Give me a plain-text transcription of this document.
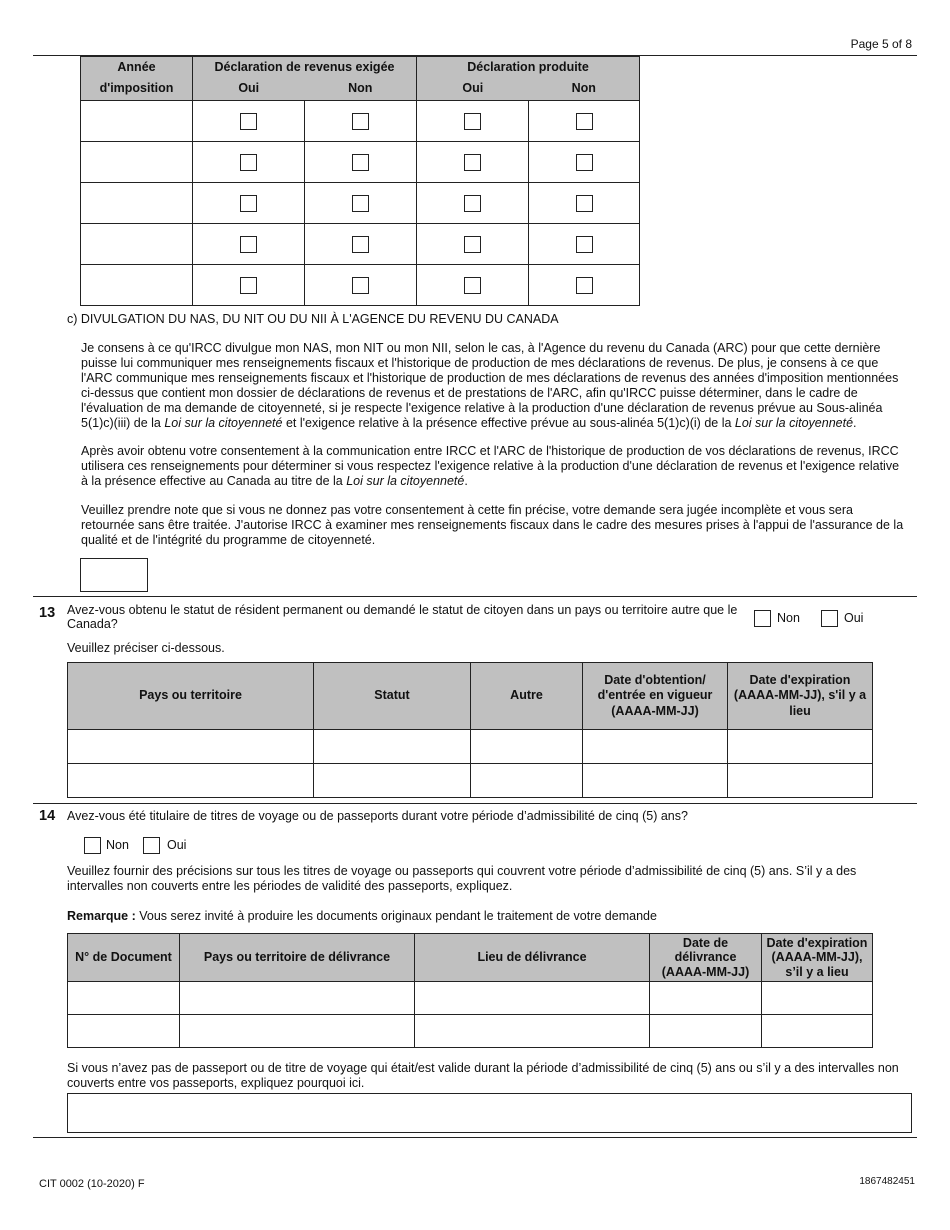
Page 5 of 8
Année	Déclaration de revenus exigée		Déclaration produite	
d'imposition	Oui	Non	Oui	Non

c) DIVULGATION DU NAS, DU NIT OU DU NII À L'AGENCE DU REVENU DU CANADA
Je consens à ce qu'IRCC divulgue mon NAS, mon NIT ou mon NII, selon le cas, à l'Agence du revenu du Canada (ARC) pour que cette dernière puisse lui communiquer mes renseignements fiscaux et l'historique de production de mes déclarations de revenus. De plus, je consens à ce que l'ARC communique mes renseignements fiscaux et l'historique de production de mes déclarations de revenus des années d'imposition mentionnées ci-dessus que contient mon dossier de déclarations de revenus et de prestations de l'ARC, afin qu'IRCC puisse déterminer, dans le cadre de l'évaluation de ma demande de citoyenneté, si je respecte l'exigence relative à la production d'une déclaration de revenus prévue au Sous-alinéa 5(1)c)(iii) de la Loi sur la citoyenneté et l'exigence relative à la présence effective prévue au sous-alinéa 5(1)c)(i) de la Loi sur la citoyenneté.
Après avoir obtenu votre consentement à la communication entre IRCC et l'ARC de l'historique de production de vos déclarations de revenus, IRCC utilisera ces renseignements pour déterminer si vous respectez l'exigence relative à la production d'une déclaration de revenus et l'exigence relative à la présence effective au Canada au titre de la Loi sur la citoyenneté.
Veuillez prendre note que si vous ne donnez pas votre consentement à cette fin précise, votre demande sera jugée incomplète et vous sera retournée sans être traitée. J'autorise IRCC à examiner mes renseignements fiscaux dans le cadre des mesures prises à l'appui de l'assurance de la qualité et de l'intégrité du programme de citoyenneté.
13 Avez-vous obtenu le statut de résident permanent ou demandé le statut de citoyen dans un pays ou territoire autre que le Canada?	Non	Oui
Veuillez préciser ci-dessous.
Pays ou territoire	Statut	Autre	Date d'obtention/
d'entrée en vigueur
(AAAA-MM-JJ)	Date d'expiration
(AAAA-MM-JJ), s'il y a
lieu

14 Avez-vous été titulaire de titres de voyage ou de passeports durant votre période d’admissibilité de cinq (5) ans?
Non	Oui
Veuillez fournir des précisions sur tous les titres de voyage ou passeports qui couvrent votre période d’admissibilité de cinq (5) ans. S’il y a des intervalles non couverts entre les périodes de validité des passeports, expliquez.
Remarque : Vous serez invité à produire les documents originaux pendant le traitement de votre demande
N° de Document	Pays ou territoire de délivrance	Lieu de délivrance	Date de
délivrance
(AAAA-MM-JJ)	Date d'expiration
(AAAA-MM-JJ),
s’il y a lieu

Si vous n’avez pas de passeport ou de titre de voyage qui était/est valide durant la période d’admissibilité de cinq (5) ans ou s’il y a des intervalles non couverts entre vos passeports, expliquez pourquoi ici.
CIT 0002 (10-2020) F	1867482451
